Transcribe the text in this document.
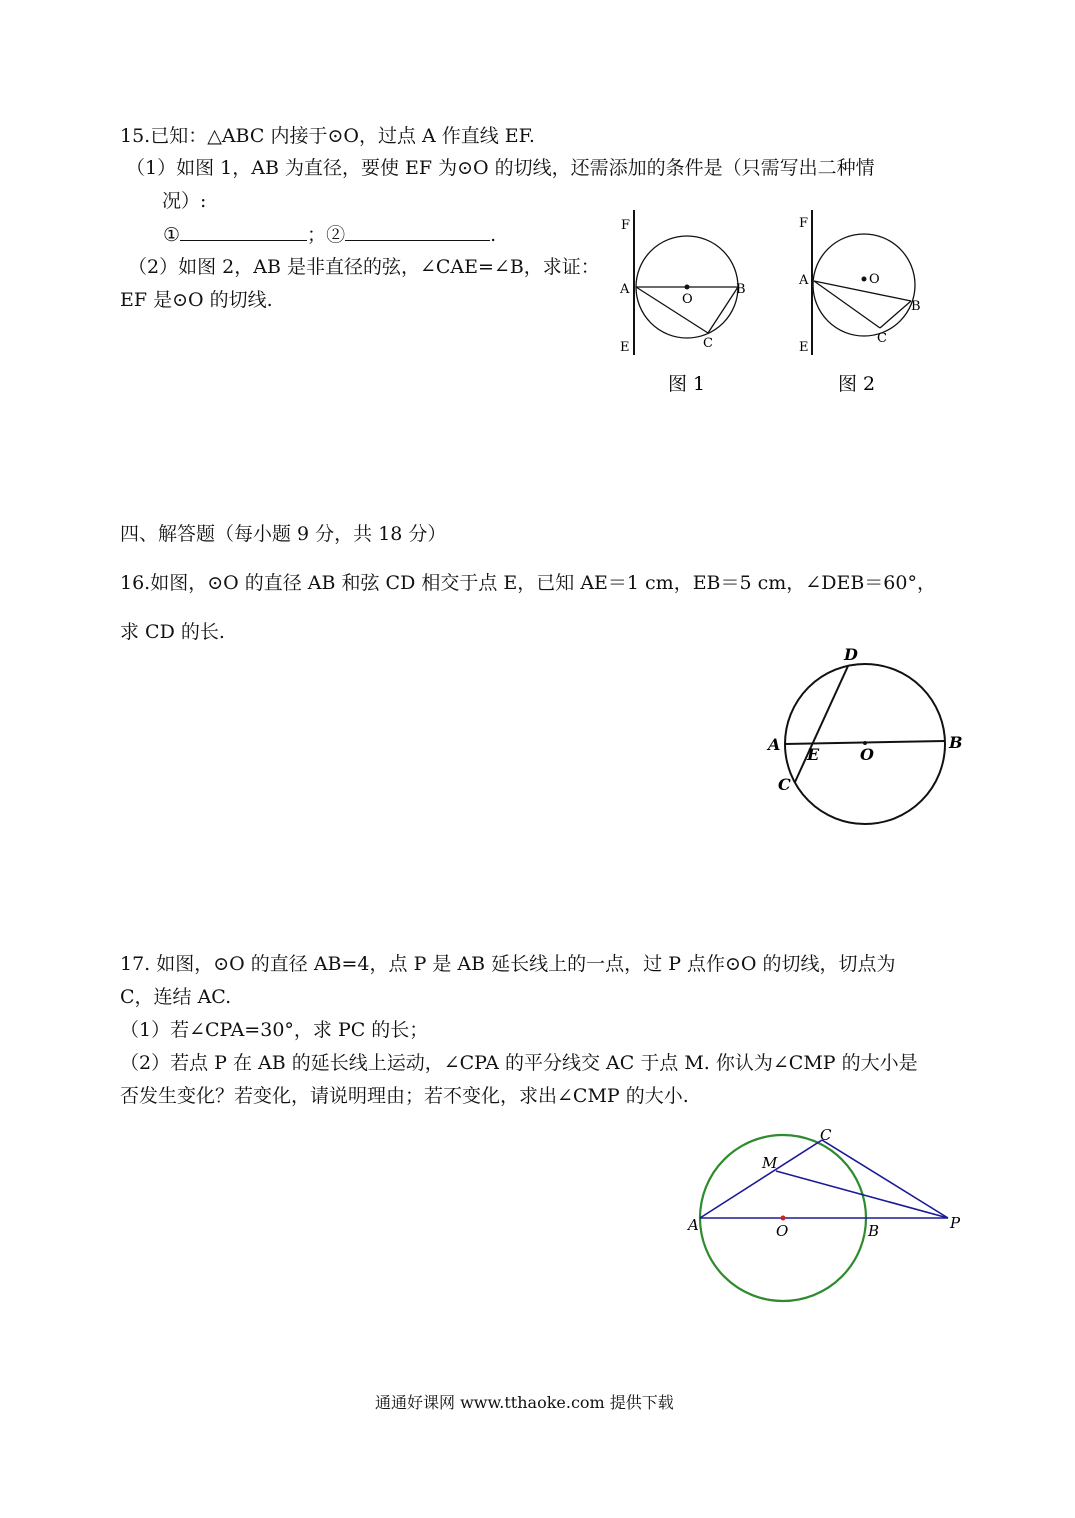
15.已知：△ABC 内接于⊙O，过点 A 作直线 EF.
（1）如图 1，AB 为直径，要使 EF 为⊙O 的切线，还需添加的条件是（只需写出二种情
况）:
①	；②	.
（2）如图 2，AB 是非直径的弦，∠CAE=∠B，求证：
EF 是⊙O 的切线.
F
A
E
O
B
C
图 1
F
A
E
O
B
C
图 2
四、解答题（每小题 9 分，共 18 分）
16.如图，⊙O 的直径 AB 和弦 CD 相交于点 E，已知 AE＝1 cm，EB＝5 cm，∠DEB＝60°，
求 CD 的长.
D
A
E	O
B
C
17. 如图，⊙O 的直径 AB=4，点 P 是 AB 延长线上的一点，过 P 点作⊙O 的切线，切点为
C，连结 AC.
（1）若∠CPA=30°，求 PC 的长；
（2）若点 P 在 AB 的延长线上运动，∠CPA 的平分线交 AC 于点 M. 你认为∠CMP 的大小是
否发生变化？若变化，请说明理由；若不变化，求出∠CMP 的大小.
C
M
A	O	B	P
通通好课网 www.tthaoke.com 提供下载
